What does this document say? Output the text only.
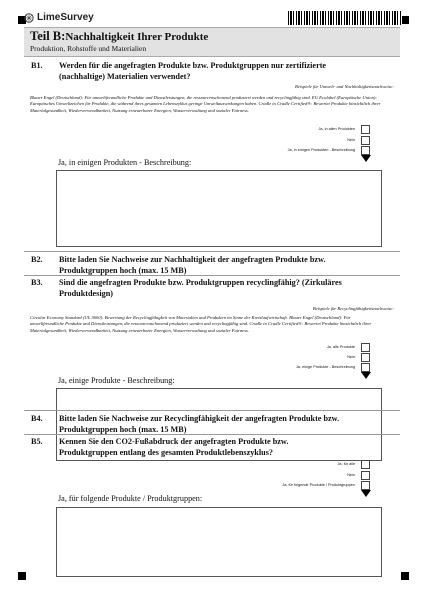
LimeSurvey
Teil B:Nachhaltigkeit Ihrer Produkte
Produktion, Rohstoffe und Materialien
B1. Werden für die angefragten Produkte bzw. Produktgruppen nur zertifizierte (nachhaltige) Materialien verwendet?
Beispiele für Umwelt- und Nachhaltigkeitsnachweise:
Blauer Engel (Deutschland): Für umweltfreundliche Produkte und Dienstleistungen, die ressourcenschonend produziert werden und recyclingfähig sind. EU Ecolabel (Europäische Union): Europäisches Umweltzeichen für Produkte, die während ihres gesamten Lebenszyklus geringe Umweltauswirkungen haben. Cradle to Cradle Certified®: Bewertet Produkte hinsichtlich ihrer Materialgesundheit, Wiederverwendbarkeit, Nutzung erneuerbarer Energien, Wasserverwaltung und sozialer Fairness.
Ja, in allen Produkten
Nein
Ja, in einigen Produkten - Beschreibung
Ja, in einigen Produkten - Beschreibung:
B2. Bitte laden Sie Nachweise zur Nachhaltigkeit der angefragten Produkte bzw. Produktgruppen hoch (max. 15 MB)
B3. Sind die angefragten Produkte bzw. Produktgruppen recyclingfähig? (Zirkuläres Produktdesign)
Beispiele für Recyclingfähigkeitsnachweise:
Circular Economy Standard (UL 3600): Bewertung der Recyclingfähigkeit von Materialien und Produkten im Sinne der Kreislaufwirtschaft. Blauer Engel (Deutschland): Für umweltfreundliche Produkte und Dienstleistungen, die ressourcenschonend produziert werden und recyclingfähig sind. Cradle to Cradle Certified®: Bewertet Produkte hinsichtlich ihrer Materialgesundheit, Wiederverwendbarkeit, Nutzung erneuerbarer Energien, Wasserverwaltung und sozialer Fairness.
Ja, alle Produkte
Nein
Ja, einige Produkte - Beschreibung
Ja, einige Produkte - Beschreibung:
B4. Bitte laden Sie Nachweise zur Recyclingfähigkeit der angefragten Produkte bzw. Produktgruppen hoch (max. 15 MB)
B5. Kennen Sie den CO2-Fußabdruck der angefragten Produkte bzw. Produktgruppen entlang des gesamten Produktlebenszyklus?
Ja, für alle
Nein
Ja, für folgende Produkte / Produktgruppen
Ja, für folgende Produkte / Produktgruppen:
